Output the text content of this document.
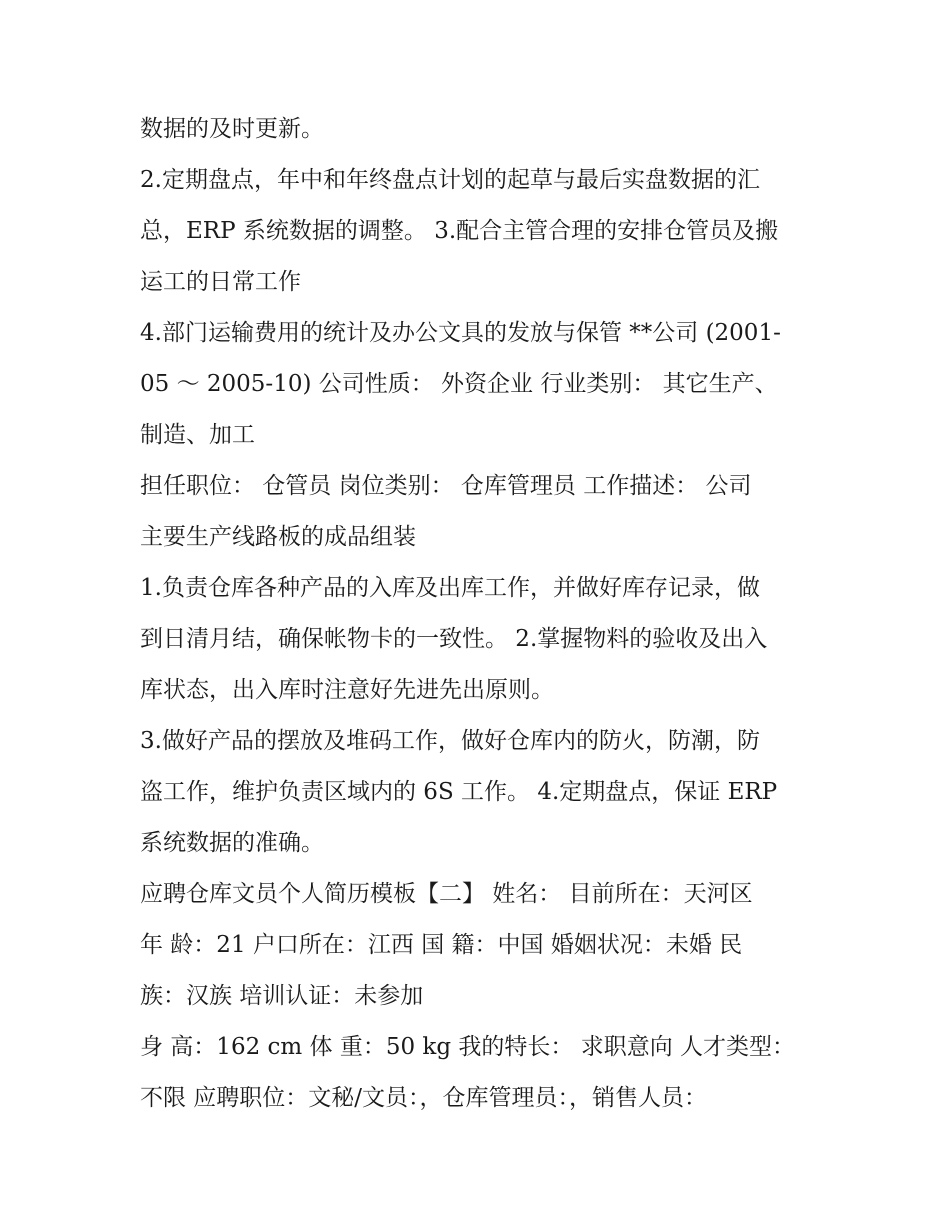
数据的及时更新。
2.定期盘点，年中和年终盘点计划的起草与最后实盘数据的汇
总，ERP 系统数据的调整。 3.配合主管合理的安排仓管员及搬
运工的日常工作
4.部门运输费用的统计及办公文具的发放与保管 **公司 (2001-
05 ～ 2005-10) 公司性质： 外资企业 行业类别： 其它生产、
制造、加工
担任职位： 仓管员 岗位类别： 仓库管理员 工作描述： 公司
主要生产线路板的成品组装
1.负责仓库各种产品的入库及出库工作，并做好库存记录，做
到日清月结，确保帐物卡的一致性。 2.掌握物料的验收及出入
库状态，出入库时注意好先进先出原则。
3.做好产品的摆放及堆码工作，做好仓库内的防火，防潮，防
盗工作，维护负责区域内的 6S 工作。 4.定期盘点，保证 ERP
系统数据的准确。
应聘仓库文员个人简历模板【二】 姓名： 目前所在：天河区
年 龄：21 户口所在：江西 国 籍：中国 婚姻状况：未婚 民
族：汉族 培训认证：未参加
身 高：162 cm 体 重：50 kg 我的特长： 求职意向 人才类型：
不限 应聘职位：文秘/文员：，仓库管理员：，销售人员：
